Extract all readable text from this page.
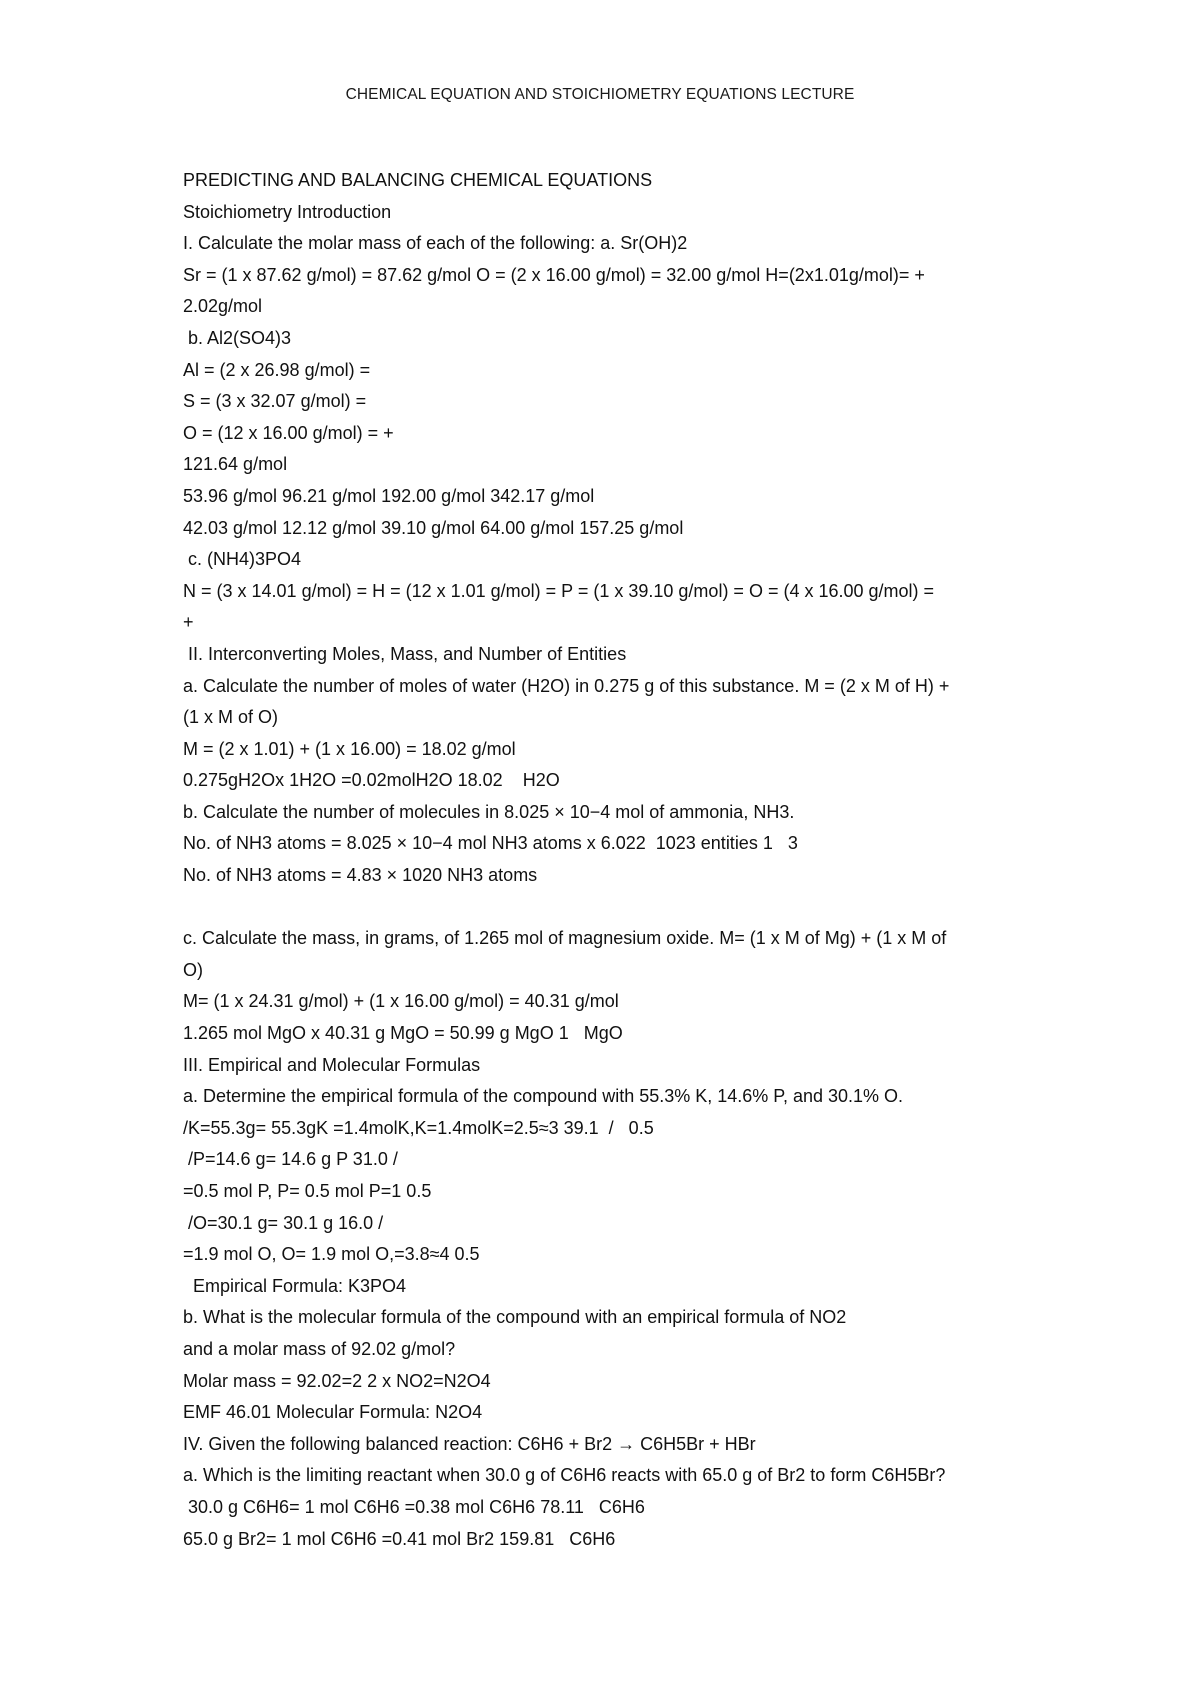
CHEMICAL EQUATION AND STOICHIOMETRY EQUATIONS LECTURE
PREDICTING AND BALANCING CHEMICAL EQUATIONS
Stoichiometry Introduction
I. Calculate the molar mass of each of the following: a. Sr(OH)2
Sr = (1 x 87.62 g/mol) = 87.62 g/mol O = (2 x 16.00 g/mol) = 32.00 g/mol H=(2x1.01g/mol)= +
2.02g/mol
b. Al2(SO4)3
Al = (2 x 26.98 g/mol) =
S = (3 x 32.07 g/mol) =
O = (12 x 16.00 g/mol) = +
121.64 g/mol
53.96 g/mol 96.21 g/mol 192.00 g/mol 342.17 g/mol
42.03 g/mol 12.12 g/mol 39.10 g/mol 64.00 g/mol 157.25 g/mol
c. (NH4)3PO4
N = (3 x 14.01 g/mol) = H = (12 x 1.01 g/mol) = P = (1 x 39.10 g/mol) = O = (4 x 16.00 g/mol) =
+
II. Interconverting Moles, Mass, and Number of Entities
a. Calculate the number of moles of water (H2O) in 0.275 g of this substance. M = (2 x M of H) +
(1 x M of O)
M = (2 x 1.01) + (1 x 16.00) = 18.02 g/mol
0.275gH2Ox 1H2O =0.02molH2O 18.02    H2O
b. Calculate the number of molecules in 8.025 × 10−4 mol of ammonia, NH3.
No. of NH3 atoms = 8.025 × 10−4 mol NH3 atoms x 6.022  1023 entities 1   3
No. of NH3 atoms = 4.83 × 1020 NH3 atoms
c. Calculate the mass, in grams, of 1.265 mol of magnesium oxide. M= (1 x M of Mg) + (1 x M of
O)
M= (1 x 24.31 g/mol) + (1 x 16.00 g/mol) = 40.31 g/mol
1.265 mol MgO x 40.31 g MgO = 50.99 g MgO 1   MgO
III. Empirical and Molecular Formulas
a. Determine the empirical formula of the compound with 55.3% K, 14.6% P, and 30.1% O.
/K=55.3g= 55.3gK =1.4molK,K=1.4molK=2.5≈3 39.1  /   0.5
/P=14.6 g= 14.6 g P 31.0 /
=0.5 mol P, P= 0.5 mol P=1 0.5
/O=30.1 g= 30.1 g 16.0 /
=1.9 mol O, O= 1.9 mol O,=3.8≈4 0.5
Empirical Formula: K3PO4
b. What is the molecular formula of the compound with an empirical formula of NO2
and a molar mass of 92.02 g/mol?
Molar mass = 92.02=2 2 x NO2=N2O4
EMF 46.01 Molecular Formula: N2O4
IV. Given the following balanced reaction: C6H6 + Br2 → C6H5Br + HBr
a. Which is the limiting reactant when 30.0 g of C6H6 reacts with 65.0 g of Br2 to form C6H5Br?
30.0 g C6H6= 1 mol C6H6 =0.38 mol C6H6 78.11   C6H6
65.0 g Br2= 1 mol C6H6 =0.41 mol Br2 159.81   C6H6
